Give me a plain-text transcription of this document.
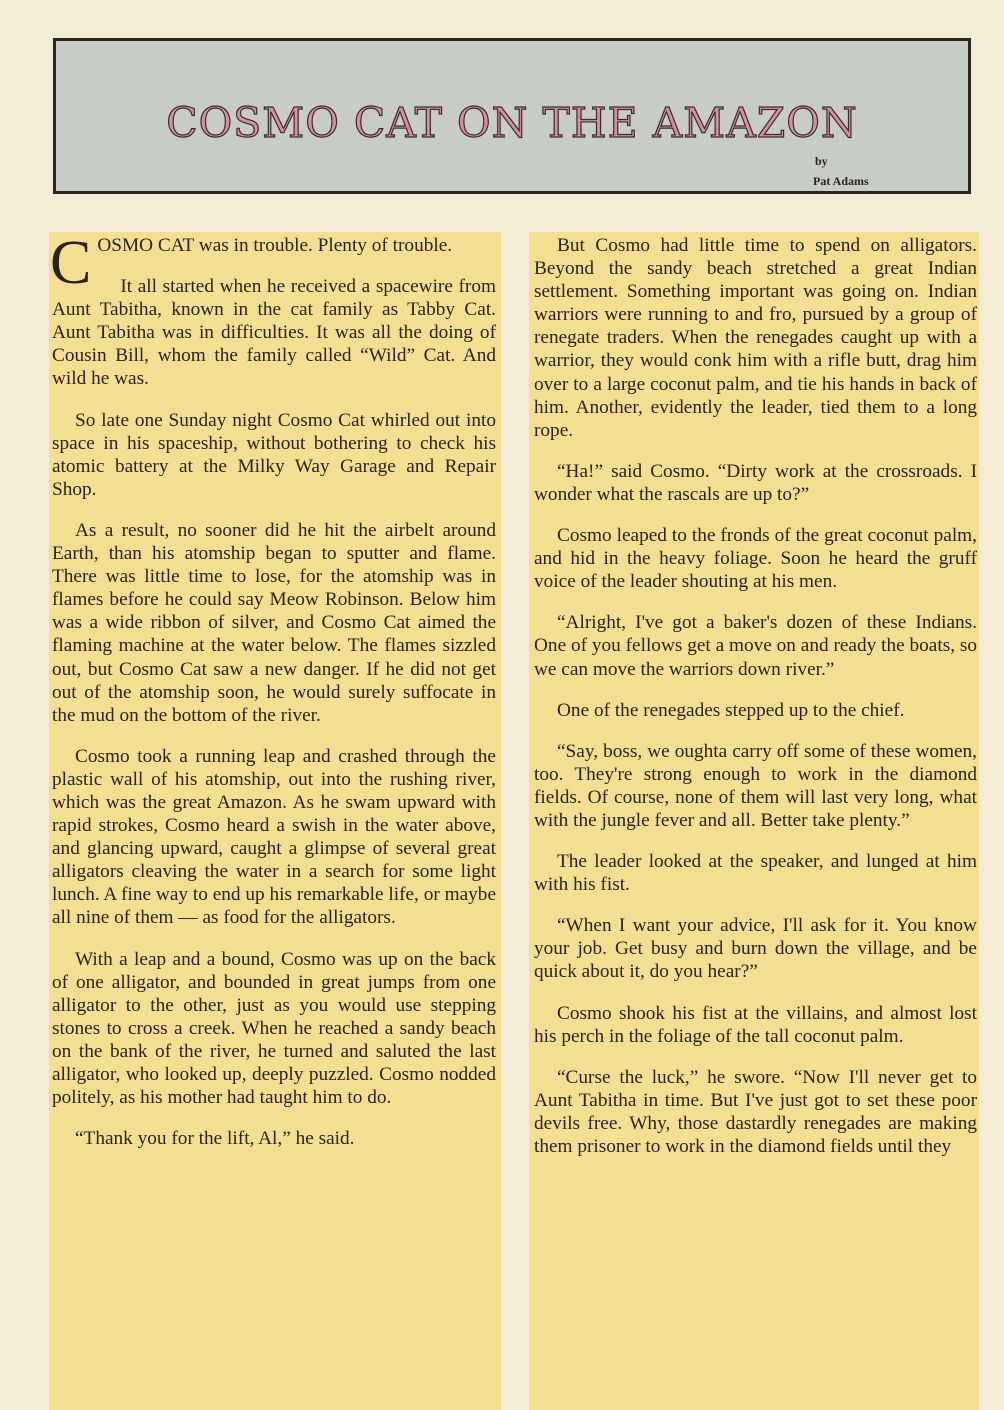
COSMO CAT ON THE AMAZON
by
Pat Adams

COSMO CAT was in trouble. Plenty of trouble.

It all started when he received a spacewire from Aunt Tabitha, known in the cat family as Tabby Cat. Aunt Tabitha was in difficulties. It was all the doing of Cousin Bill, whom the family called “Wild” Cat. And wild he was.

So late one Sunday night Cosmo Cat whirled out into space in his spaceship, without bothering to check his atomic battery at the Milky Way Garage and Repair Shop.

As a result, no sooner did he hit the airbelt around Earth, than his atomship began to sputter and flame. There was little time to lose, for the atomship was in flames before he could say Meow Robinson. Below him was a wide ribbon of silver, and Cosmo Cat aimed the flaming machine at the water below. The flames sizzled out, but Cosmo Cat saw a new danger. If he did not get out of the atomship soon, he would surely suffocate in the mud on the bottom of the river.

Cosmo took a running leap and crashed through the plastic wall of his atomship, out into the rushing river, which was the great Amazon. As he swam upward with rapid strokes, Cosmo heard a swish in the water above, and glancing upward, caught a glimpse of several great alligators cleaving the water in a search for some light lunch. A fine way to end up his remarkable life, or maybe all nine of them — as food for the alligators.

With a leap and a bound, Cosmo was up on the back of one alligator, and bounded in great jumps from one alligator to the other, just as you would use stepping stones to cross a creek. When he reached a sandy beach on the bank of the river, he turned and saluted the last alligator, who looked up, deeply puzzled. Cosmo nodded politely, as his mother had taught him to do.

“Thank you for the lift, Al,” he said.

But Cosmo had little time to spend on alligators. Beyond the sandy beach stretched a great Indian settlement. Something important was going on. Indian warriors were running to and fro, pursued by a group of renegate traders. When the renegades caught up with a warrior, they would conk him with a rifle butt, drag him over to a large coconut palm, and tie his hands in back of him. Another, evidently the leader, tied them to a long rope.

“Ha!” said Cosmo. “Dirty work at the crossroads. I wonder what the rascals are up to?”

Cosmo leaped to the fronds of the great coconut palm, and hid in the heavy foliage. Soon he heard the gruff voice of the leader shouting at his men.

“Alright, I've got a baker's dozen of these Indians. One of you fellows get a move on and ready the boats, so we can move the warriors down river.”

One of the renegades stepped up to the chief.

“Say, boss, we oughta carry off some of these women, too. They're strong enough to work in the diamond fields. Of course, none of them will last very long, what with the jungle fever and all. Better take plenty.”

The leader looked at the speaker, and lunged at him with his fist.

“When I want your advice, I'll ask for it. You know your job. Get busy and burn down the village, and be quick about it, do you hear?”

Cosmo shook his fist at the villains, and almost lost his perch in the foliage of the tall coconut palm.

“Curse the luck,” he swore. “Now I'll never get to Aunt Tabitha in time. But I've just got to set these poor devils free. Why, those dastardly renegades are making them prisoner to work in the diamond fields until they
